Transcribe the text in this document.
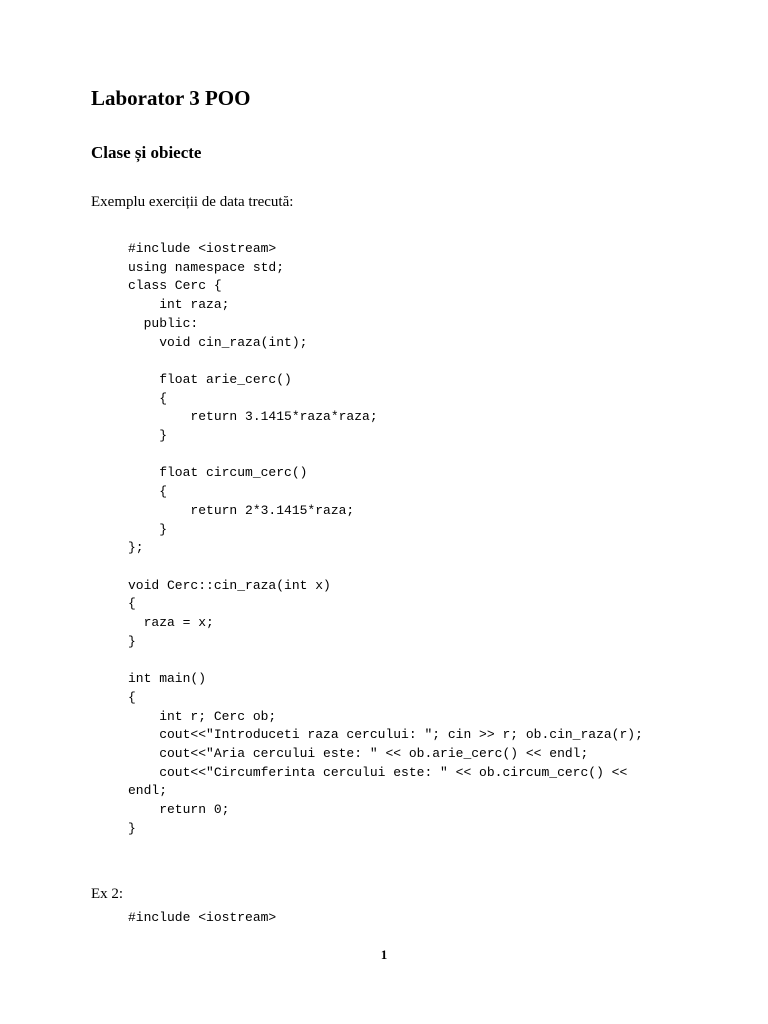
Laborator 3 POO
Clase și obiecte

Exemplu exerciții de data trecută:

#include <iostream>
using namespace std;
class Cerc {
int raza;
public:
void cin_raza(int);

float arie_cerc()
{
return 3.1415*raza*raza;
}

float circum_cerc()
{
return 2*3.1415*raza;
}
};

void Cerc::cin_raza(int x)
{
raza = x;
}

int main()
{
int r; Cerc ob;
cout<<"Introduceti raza cercului: "; cin >> r; ob.cin_raza(r);
cout<<"Aria cercului este: " << ob.arie_cerc() << endl;
cout<<"Circumferinta cercului este: " << ob.circum_cerc() <<
endl;
return 0;
}

Ex 2:

#include <iostream>

1
